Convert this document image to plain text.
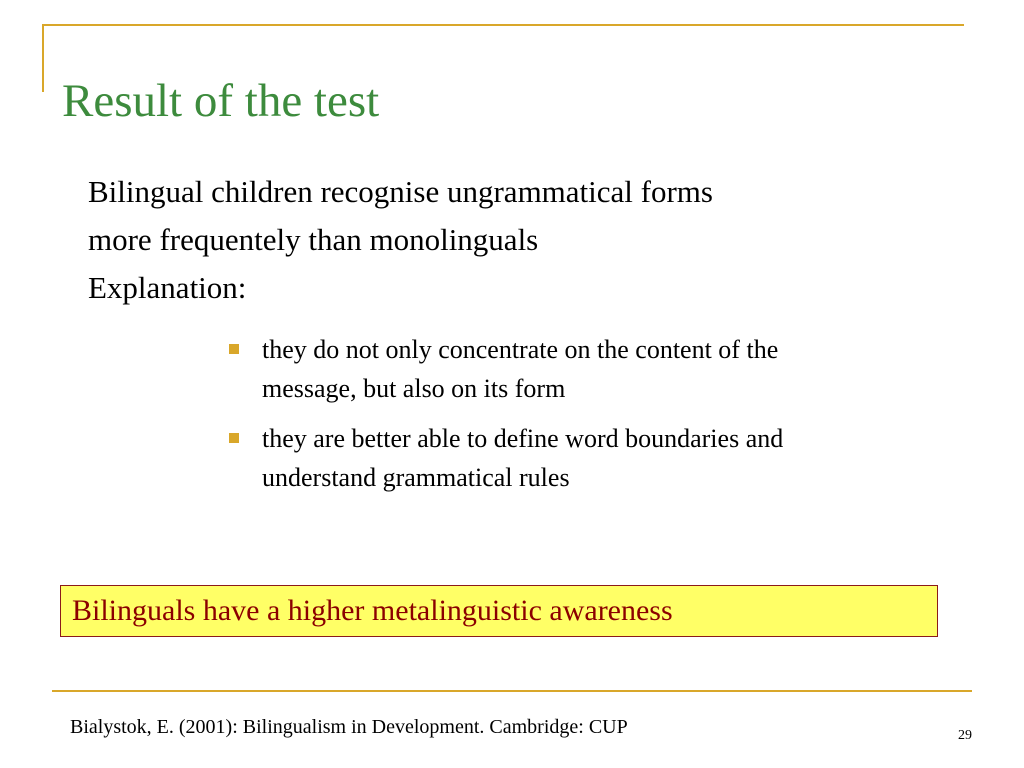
Result of the test
Bilingual children recognise ungrammatical forms
more frequentely than monolinguals
Explanation:
they do not only concentrate on the content of the
message, but also on its form
they are better able to define word boundaries and
understand grammatical rules
Bilinguals have a higher metalinguistic awareness
Bialystok, E. (2001): Bilingualism in Development. Cambridge: CUP	29
